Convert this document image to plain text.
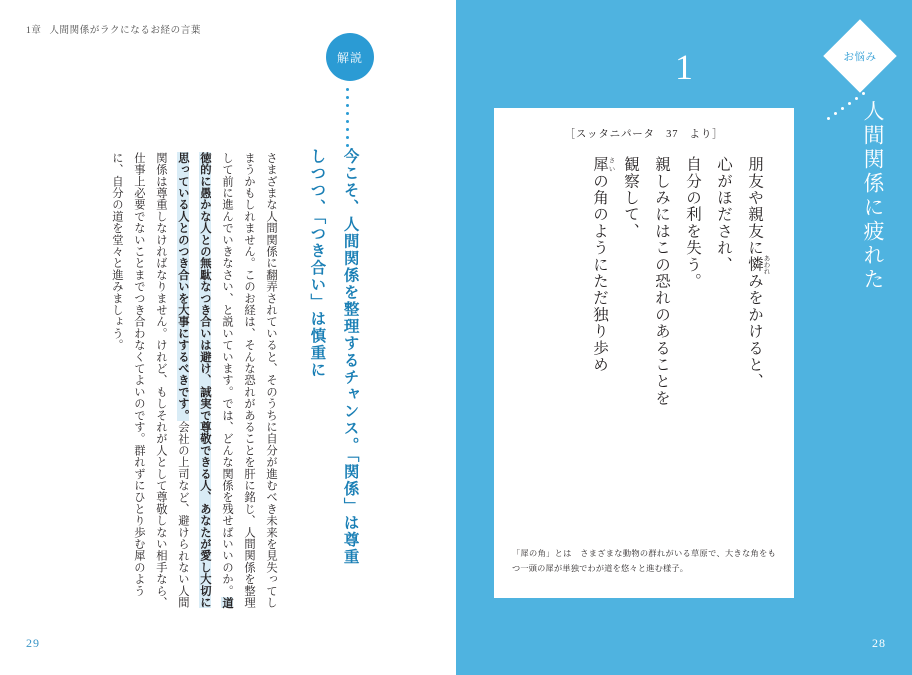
1章 人間関係がラクになるお経の言葉
解説
今こそ、人間関係を整理するチャンス。「関係」は尊重しつつ、「つき合い」は慎重に
さまざまな人間関係に翻弄されていると、そのうちに自分が進むべき未来を見失ってしまうかもしれません。このお経は、そんな恐れがあることを肝に銘じ、人間関係を整理して前に進んでいきなさい、と説いています。では、どんな関係を残せばいいのか。道徳的に愚かな人との無駄なつき合いは避け、誠実で尊敬できる人、あなたが愛し大切に思っている人とのつき合いを大事にするべきです。会社の上司など、避けられない人間関係は尊重しなければなりません。けれど、もしそれが人として尊敬しない相手なら、仕事上必要でないことまでつき合わなくてよいのです。群れずにひとり歩む犀のように、自分の道を堂々と進みましょう。
29
お悩み
人間関係に疲れた
1
［スッタニパータ　37　より］
朋友や親友に憐 あわれみをかけると、
心がほだされ、
自分の利を失う。
親しみにはこの恐れのあることを
観察して、
犀 さいの角のようにただ独り歩め
「犀の角」とは　さまざまな動物の群れがいる草原で、大きな角をもつ一頭の犀が単独でわが道を悠々と進む様子。
28
